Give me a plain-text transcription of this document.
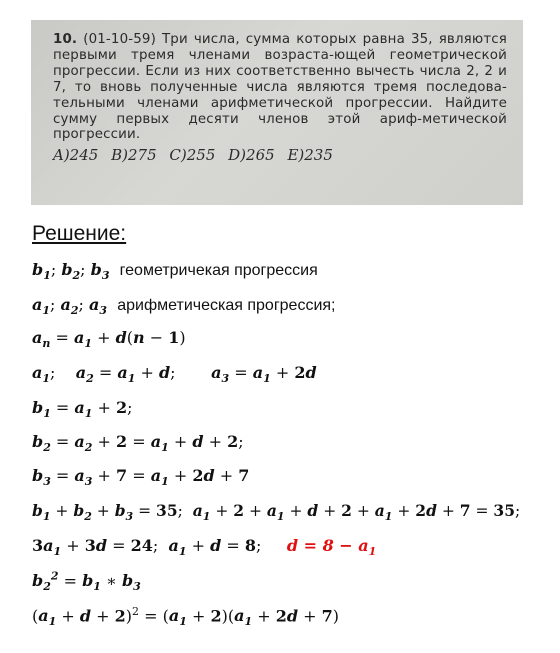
10. (01-10-59) Три числа, сумма которых равна 35, являются первыми тремя членами возраста-ющей геометрической прогрессии. Если из них соответственно вычесть числа 2, 2 и 7, то вновь полученные числа являются тремя последова-тельными членами арифметической прогрессии. Найдите сумму первых десяти членов этой ариф-метической прогрессии.

A)245 B)275 C)255 D)265 E)235

Решение:

$b_1$; $b_2$; $b_3$ геометричекая прогрессия
$a_1$; $a_2$; $a_3$ арифметическая прогрессия;
$a_n = a_1 + d(n - 1)$
$a_1$;    $a_2 = a_1 + d$;       $a_3 = a_1 + 2d$
$b_1 = a_1 + 2$;
$b_2 = a_2 + 2 = a_1 + d + 2$;
$b_3 = a_3 + 7 = a_1 + 2d + 7$
$b_1 + b_2 + b_3 = 35$;  $a_1 + 2 + a_1 + d + 2 + a_1 + 2d + 7 = 35$;
$3a_1 + 3d = 24$;  $a_1 + d = 8$;     $d = 8 - a_1$
$b_2^2 = b_1$ ∗ $b_3$
$(a_1 + d + 2)^2 = (a_1 + 2)(a_1 + 2d + 7)$
